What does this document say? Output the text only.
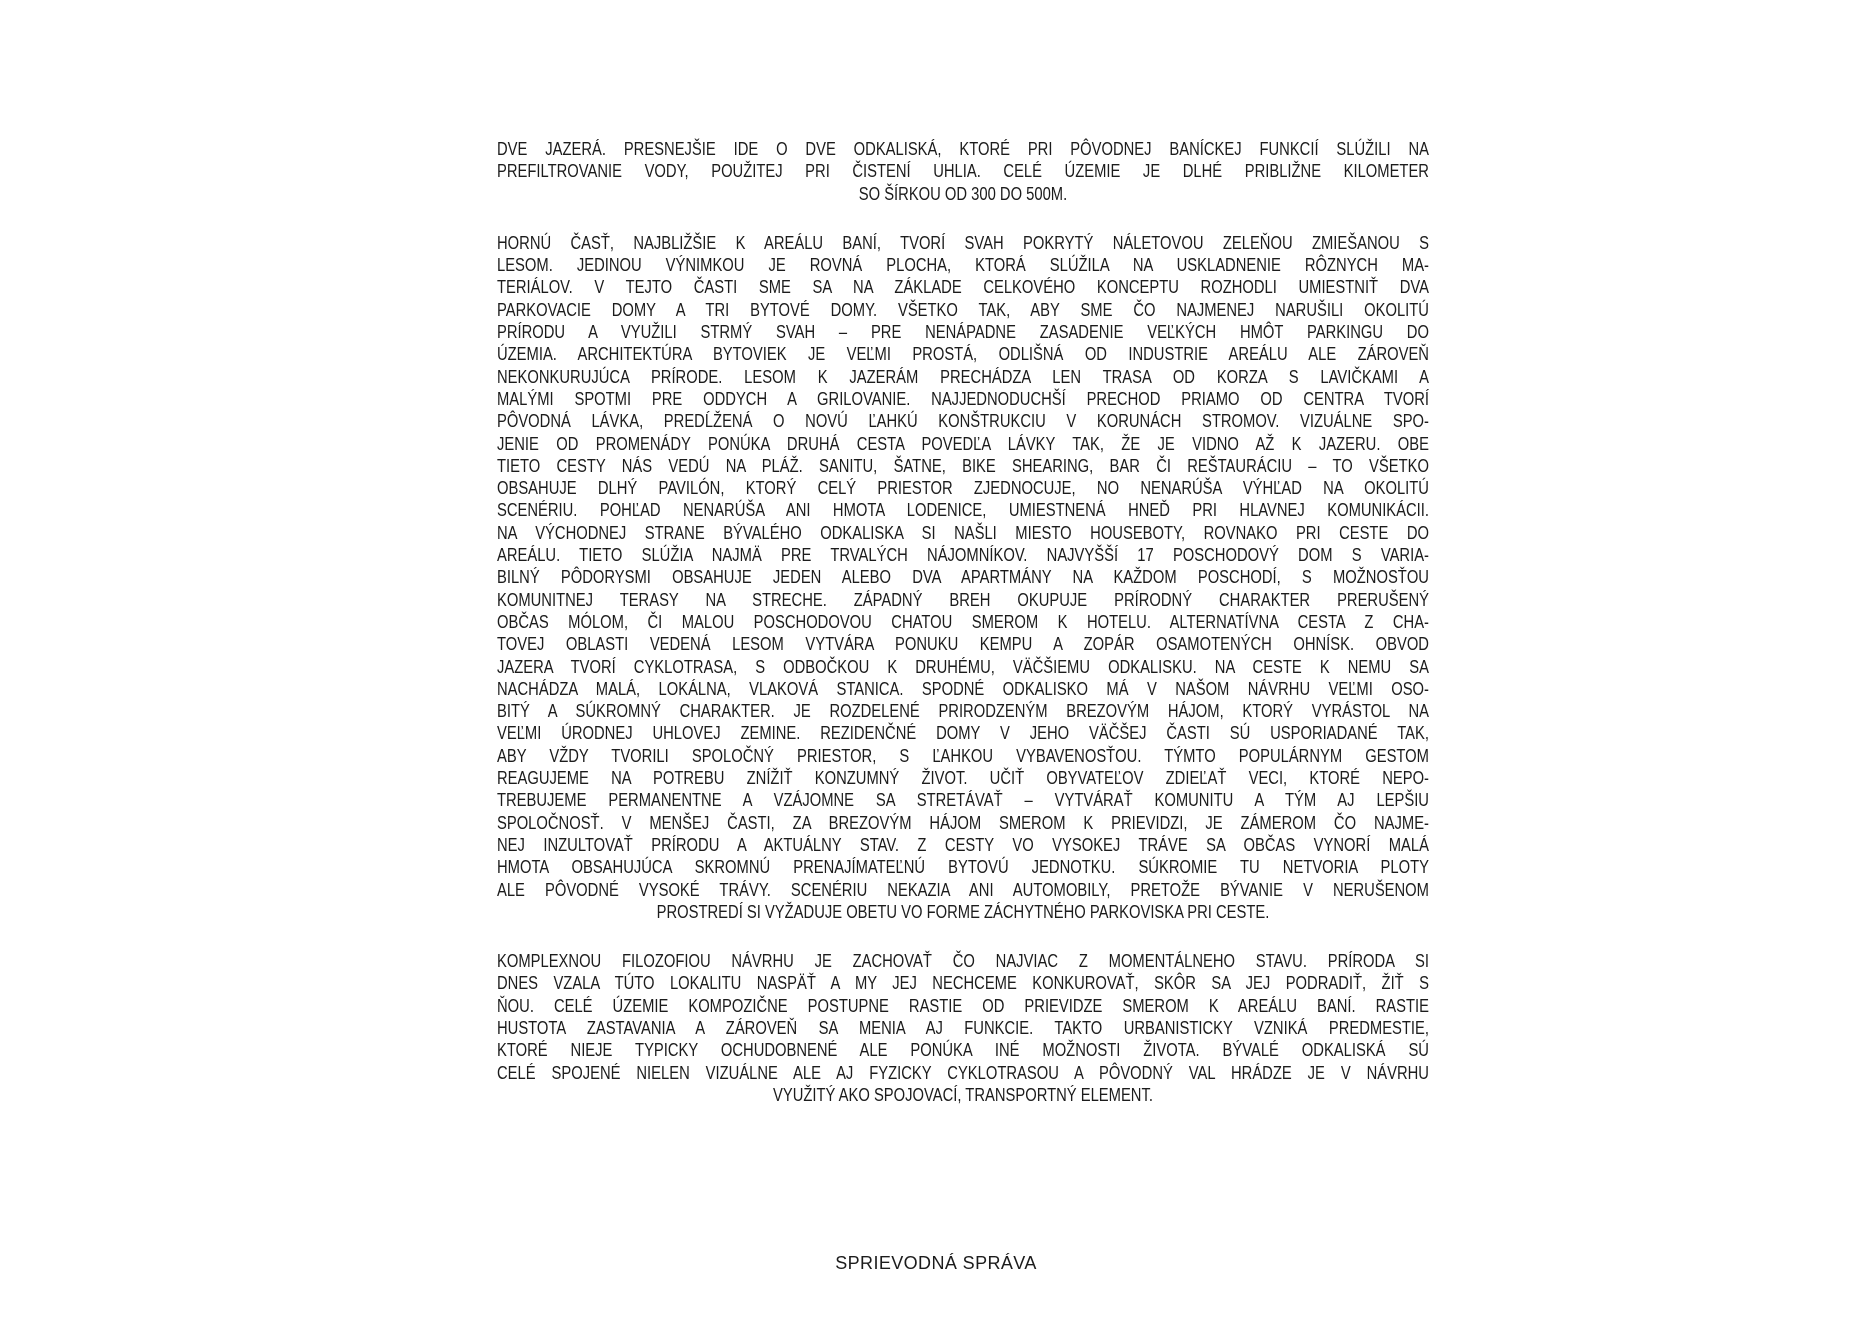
DVE JAZERÁ. PRESNEJŠIE IDE O DVE ODKALISKÁ, KTORÉ PRI PÔVODNEJ BANÍCKEJ FUNKCIÍ SLÚŽILI NA
PREFILTROVANIE VODY, POUŽITEJ PRI ČISTENÍ UHLIA. CELÉ ÚZEMIE JE DLHÉ PRIBLIŽNE KILOMETER
SO ŠÍRKOU OD 300 DO 500M.
HORNÚ ČASŤ, NAJBLIŽŠIE K AREÁLU BANÍ, TVORÍ SVAH POKRYTÝ NÁLETOVOU ZELEŇOU ZMIEŠANOU S
LESOM. JEDINOU VÝNIMKOU JE ROVNÁ PLOCHA, KTORÁ SLÚŽILA NA USKLADNENIE RÔZNYCH MA-
TERIÁLOV. V TEJTO ČASTI SME SA NA ZÁKLADE CELKOVÉHO KONCEPTU ROZHODLI UMIESTNIŤ DVA
PARKOVACIE DOMY A TRI BYTOVÉ DOMY. VŠETKO TAK, ABY SME ČO NAJMENEJ NARUŠILI OKOLITÚ
PRÍRODU A VYUŽILI STRMÝ SVAH – PRE NENÁPADNE ZASADENIE VEĽKÝCH HMÔT PARKINGU DO
ÚZEMIA. ARCHITEKTÚRA BYTOVIEK JE VEĽMI PROSTÁ, ODLIŠNÁ OD INDUSTRIE AREÁLU ALE ZÁROVEŇ
NEKONKURUJÚCA PRÍRODE. LESOM K JAZERÁM PRECHÁDZA LEN TRASA OD KORZA S LAVIČKAMI A
MALÝMI SPOTMI PRE ODDYCH A GRILOVANIE. NAJJEDNODUCHŠÍ PRECHOD PRIAMO OD CENTRA TVORÍ
PÔVODNÁ LÁVKA, PREDĹŽENÁ O NOVÚ ĽAHKÚ KONŠTRUKCIU V KORUNÁCH STROMOV. VIZUÁLNE SPO-
JENIE OD PROMENÁDY PONÚKA DRUHÁ CESTA POVEDĽA LÁVKY TAK, ŽE JE VIDNO AŽ K JAZERU. OBE
TIETO CESTY NÁS VEDÚ NA PLÁŽ. SANITU, ŠATNE, BIKE SHEARING, BAR ČI REŠTAURÁCIU – TO VŠETKO
OBSAHUJE DLHÝ PAVILÓN, KTORÝ CELÝ PRIESTOR ZJEDNOCUJE, NO NENARÚŠA VÝHĽAD NA OKOLITÚ
SCENÉRIU. POHĽAD NENARÚŠA ANI HMOTA LODENICE, UMIESTNENÁ HNEĎ PRI HLAVNEJ KOMUNIKÁCII.
NA VÝCHODNEJ STRANE BÝVALÉHO ODKALISKA SI NAŠLI MIESTO HOUSEBOTY, ROVNAKO PRI CESTE DO
AREÁLU. TIETO SLÚŽIA NAJMÄ PRE TRVALÝCH NÁJOMNÍKOV. NAJVYŠŠÍ 17 POSCHODOVÝ DOM S VARIA-
BILNÝ PÔDORYSMI OBSAHUJE JEDEN ALEBO DVA APARTMÁNY NA KAŽDOM POSCHODÍ, S MOŽNOSŤOU
KOMUNITNEJ TERASY NA STRECHE. ZÁPADNÝ BREH OKUPUJE PRÍRODNÝ CHARAKTER PRERUŠENÝ
OBČAS MÓLOM, ČI MALOU POSCHODOVOU CHATOU SMEROM K HOTELU. ALTERNATÍVNA CESTA Z CHA-
TOVEJ OBLASTI VEDENÁ LESOM VYTVÁRA PONUKU KEMPU A ZOPÁR OSAMOTENÝCH OHNÍSK. OBVOD
JAZERA TVORÍ CYKLOTRASA, S ODBOČKOU K DRUHÉMU, VÄČŠIEMU ODKALISKU. NA CESTE K NEMU SA
NACHÁDZA MALÁ, LOKÁLNA, VLAKOVÁ STANICA. SPODNÉ ODKALISKO MÁ V NAŠOM NÁVRHU VEĽMI OSO-
BITÝ A SÚKROMNÝ CHARAKTER. JE ROZDELENÉ PRIRODZENÝM BREZOVÝM HÁJOM, KTORÝ VYRÁSTOL NA
VEĽMI ÚRODNEJ UHLOVEJ ZEMINE. REZIDENČNÉ DOMY V JEHO VÄČŠEJ ČASTI SÚ USPORIADANÉ TAK,
ABY VŽDY TVORILI SPOLOČNÝ PRIESTOR, S ĽAHKOU VYBAVENOSŤOU. TÝMTO POPULÁRNYM GESTOM
REAGUJEME NA POTREBU ZNÍŽIŤ KONZUMNÝ ŽIVOT. UČIŤ OBYVATEĽOV ZDIEĽAŤ VECI, KTORÉ NEPO-
TREBUJEME PERMANENTNE A VZÁJOMNE SA STRETÁVAŤ – VYTVÁRAŤ KOMUNITU A TÝM AJ LEPŠIU
SPOLOČNOSŤ. V MENŠEJ ČASTI, ZA BREZOVÝM HÁJOM SMEROM K PRIEVIDZI, JE ZÁMEROM ČO NAJME-
NEJ INZULTOVAŤ PRÍRODU A AKTUÁLNY STAV. Z CESTY VO VYSOKEJ TRÁVE SA OBČAS VYNORÍ MALÁ
HMOTA OBSAHUJÚCA SKROMNÚ PRENAJÍMATEĽNÚ BYTOVÚ JEDNOTKU. SÚKROMIE TU NETVORIA PLOTY
ALE PÔVODNÉ VYSOKÉ TRÁVY. SCENÉRIU NEKAZIA ANI AUTOMOBILY, PRETOŽE BÝVANIE V NERUŠENOM
PROSTREDÍ SI VYŽADUJE OBETU VO FORME ZÁCHYTNÉHO PARKOVISKA PRI CESTE.
KOMPLEXNOU FILOZOFIOU NÁVRHU JE ZACHOVAŤ ČO NAJVIAC Z MOMENTÁLNEHO STAVU. PRÍRODA SI
DNES VZALA TÚTO LOKALITU NASPÄŤ A MY JEJ NECHCEME KONKUROVAŤ, SKÔR SA JEJ PODRADIŤ, ŽIŤ S
ŇOU. CELÉ ÚZEMIE KOMPOZIČNE POSTUPNE RASTIE OD PRIEVIDZE SMEROM K AREÁLU BANÍ. RASTIE
HUSTOTA ZASTAVANIA A ZÁROVEŇ SA MENIA AJ FUNKCIE. TAKTO URBANISTICKY VZNIKÁ PREDMESTIE,
KTORÉ NIEJE TYPICKY OCHUDOBNENÉ ALE PONÚKA INÉ MOŽNOSTI ŽIVOTA. BÝVALÉ ODKALISKÁ SÚ
CELÉ SPOJENÉ NIELEN VIZUÁLNE ALE AJ FYZICKY CYKLOTRASOU A PÔVODNÝ VAL HRÁDZE JE V NÁVRHU
VYUŽITÝ AKO SPOJOVACÍ, TRANSPORTNÝ ELEMENT.
SPRIEVODNÁ SPRÁVA
